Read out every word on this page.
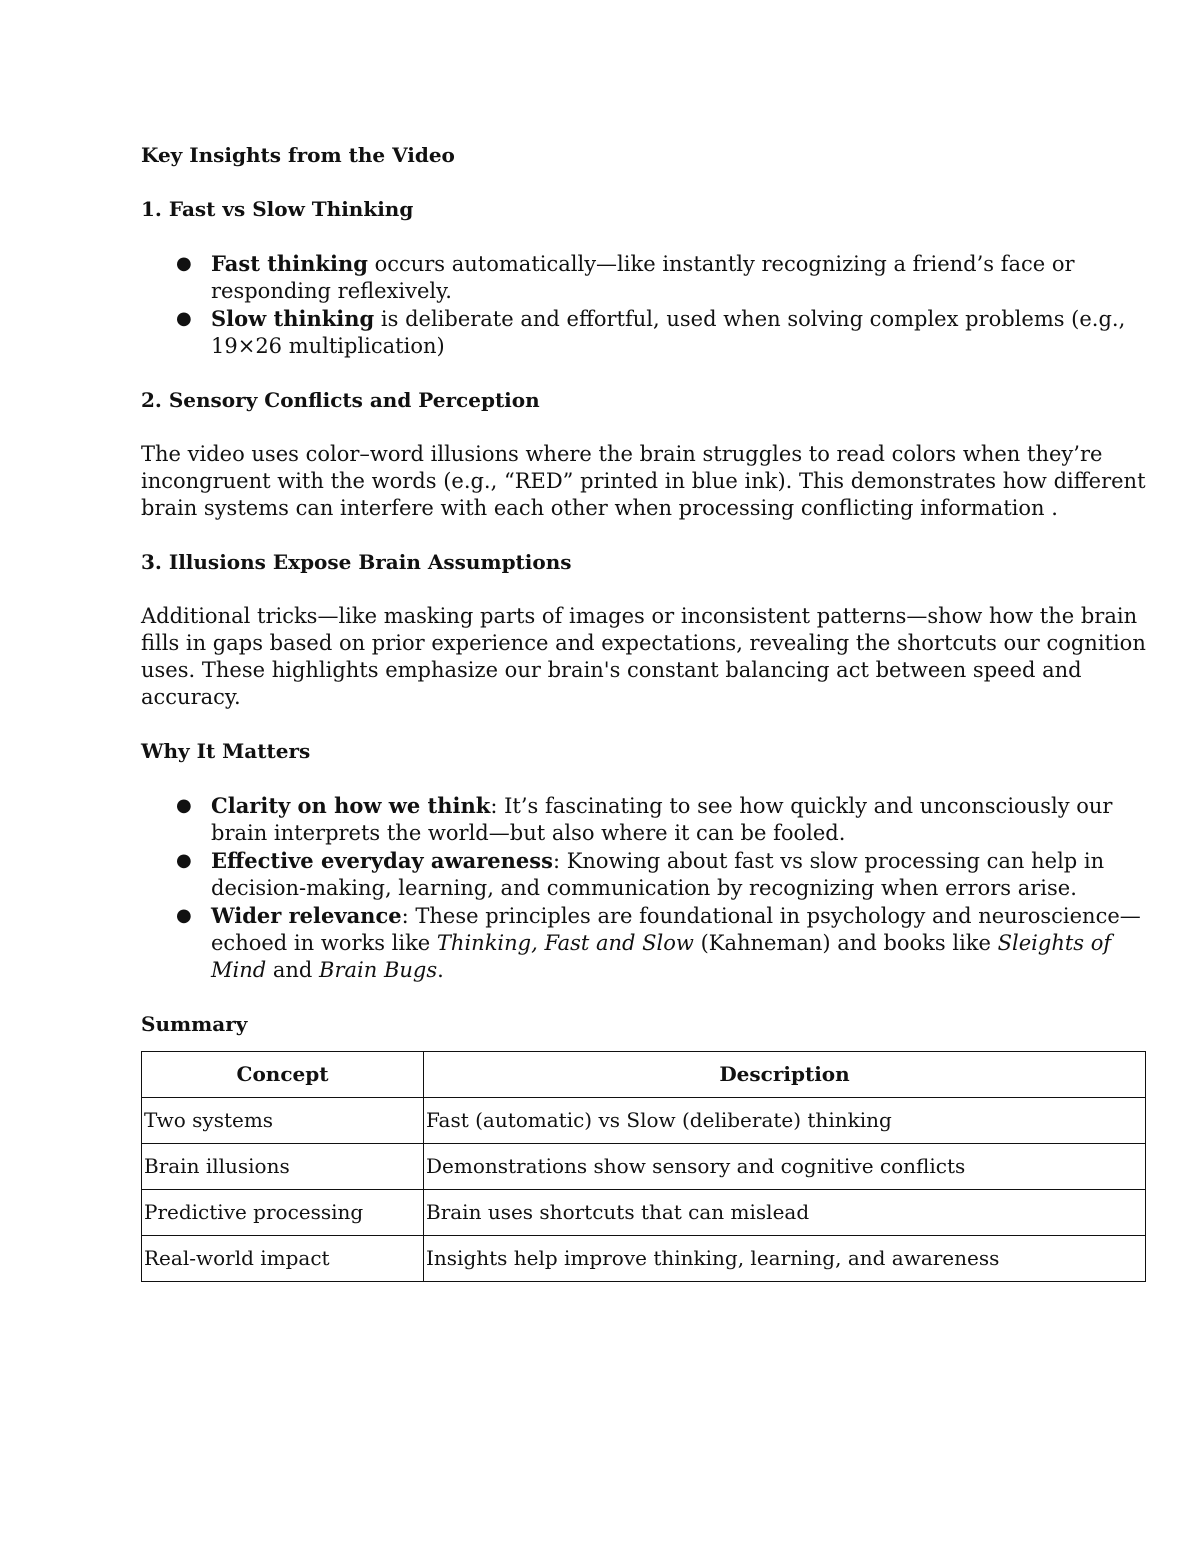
Key Insights from the Video

1. Fast vs Slow Thinking

● Fast thinking occurs automatically—like instantly recognizing a friend’s face or responding reflexively.
● Slow thinking is deliberate and effortful, used when solving complex problems (e.g., 19×26 multiplication)

2. Sensory Conflicts and Perception

The video uses color–word illusions where the brain struggles to read colors when they’re incongruent with the words (e.g., “RED” printed in blue ink). This demonstrates how different brain systems can interfere with each other when processing conflicting information .

3. Illusions Expose Brain Assumptions

Additional tricks—like masking parts of images or inconsistent patterns—show how the brain fills in gaps based on prior experience and expectations, revealing the shortcuts our cognition uses. These highlights emphasize our brain's constant balancing act between speed and accuracy.

Why It Matters

● Clarity on how we think: It’s fascinating to see how quickly and unconsciously our brain interprets the world—but also where it can be fooled.
● Effective everyday awareness: Knowing about fast vs slow processing can help in decision-making, learning, and communication by recognizing when errors arise.
● Wider relevance: These principles are foundational in psychology and neuroscience—echoed in works like Thinking, Fast and Slow (Kahneman) and books like Sleights of Mind and Brain Bugs.

Summary

Concept	Description
Two systems	Fast (automatic) vs Slow (deliberate) thinking
Brain illusions	Demonstrations show sensory and cognitive conflicts
Predictive processing	Brain uses shortcuts that can mislead
Real-world impact	Insights help improve thinking, learning, and awareness
